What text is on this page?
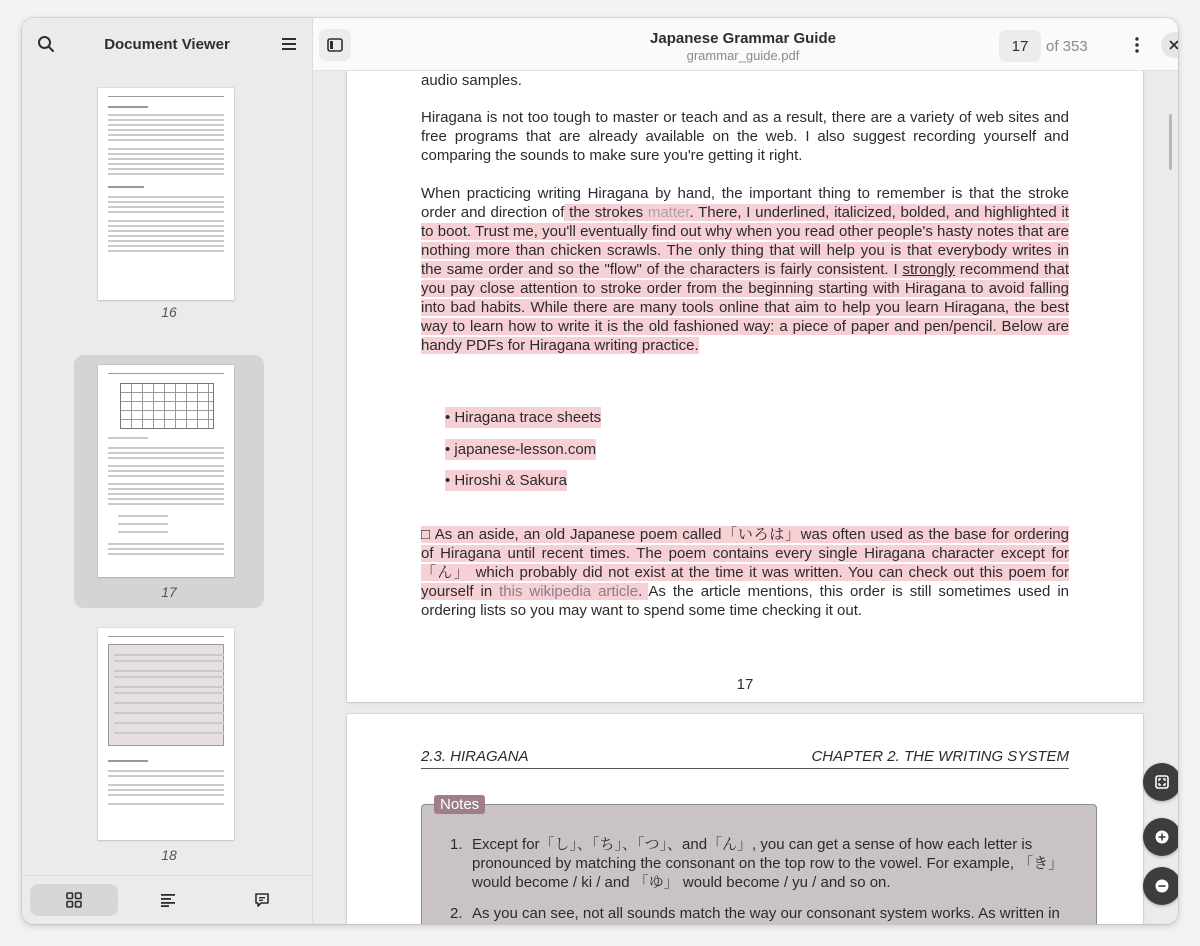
Document Viewer
16
17
18
Japanese Grammar Guide
grammar_guide.pdf
17	of 353

audio samples.

Hiragana is not too tough to master or teach and as a result, there are a variety of web sites and free programs that are already available on the web. I also suggest recording yourself and comparing the sounds to make sure you're getting it right.

When practicing writing Hiragana by hand, the important thing to remember is that the stroke order and direction of the strokes matter. There, I underlined, italicized, bolded, and highlighted it to boot. Trust me, you'll eventually find out why when you read other people's hasty notes that are nothing more than chicken scrawls. The only thing that will help you is that everybody writes in the same order and so the "flow" of the characters is fairly consistent. I strongly recommend that you pay close attention to stroke order from the beginning starting with Hiragana to avoid falling into bad habits. While there are many tools online that aim to help you learn Hiragana, the best way to learn how to write it is the old fashioned way: a piece of paper and pen/pencil. Below are handy PDFs for Hiragana writing practice.

• Hiragana trace sheets
• japanese-lesson.com
• Hiroshi & Sakura

□ As an aside, an old Japanese poem called「いろは」was often used as the base for ordering of Hiragana until recent times. The poem contains every single Hiragana character except for「ん」 which probably did not exist at the time it was written. You can check out this poem for yourself in this wikipedia article. As the article mentions, this order is still sometimes used in ordering lists so you may want to spend some time checking it out.

17
2.3. HIRAGANA	CHAPTER 2. THE WRITING SYSTEM

Notes
1. Except for「し」、「ち」、「つ」、and「ん」, you can get a sense of how each letter is pronounced by matching the consonant on the top row to the vowel. For example, 「き」 would become / ki / and 「ゆ」 would become / yu / and so on.
2. As you can see, not all sounds match the way our consonant system works. As written in
